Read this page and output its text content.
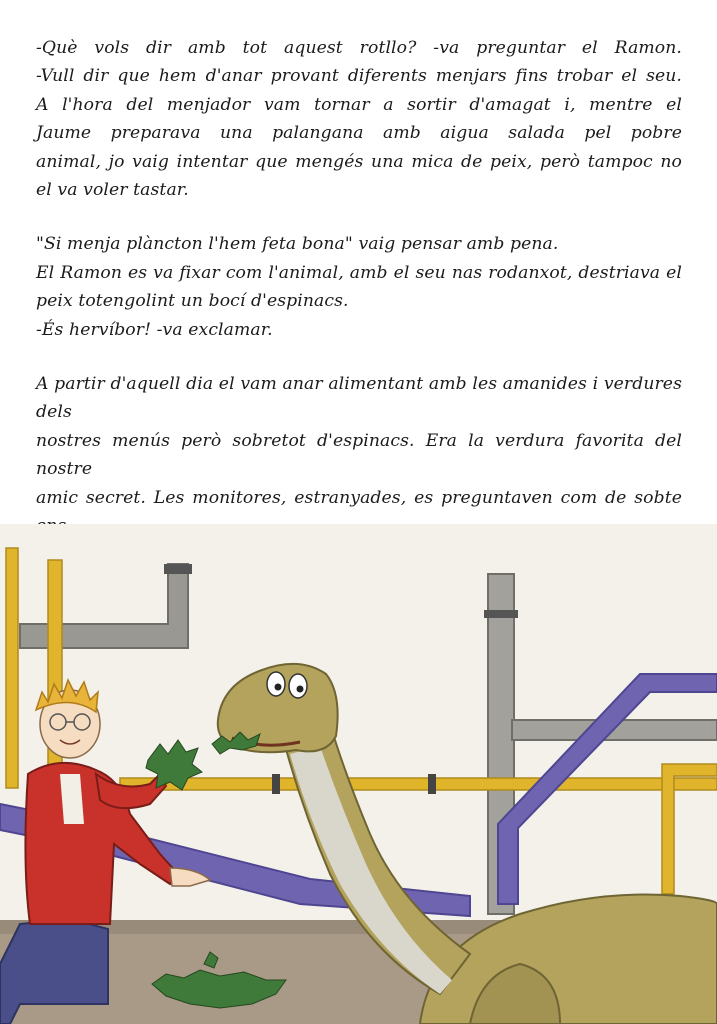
-Què vols dir amb tot aquest rotllo? -va preguntar el Ramon.
-Vull dir que hem d'anar provant diferents menjars fins trobar el seu.
A l'hora del menjador vam tornar a sortir d'amagat i, mentre el
Jaume preparava una palangana amb aigua salada pel pobre
animal, jo vaig intentar que mengés una mica de peix, però tampoc no
el va voler tastar.
"Si menja plàncton l'hem feta bona" vaig pensar amb pena.
El Ramon es va fixar com l'animal, amb el seu nas rodanxot, destriava el
peix totengolint un bocí d'espinacs.
-És hervíbor! -va exclamar.
A partir d'aquell dia el vam anar alimentant amb les amanides i verdures dels
nostres menús però sobretot d'espinacs. Era la verdura favorita del nostre
amic secret. Les monitores, estranyades, es preguntaven com de sobte
